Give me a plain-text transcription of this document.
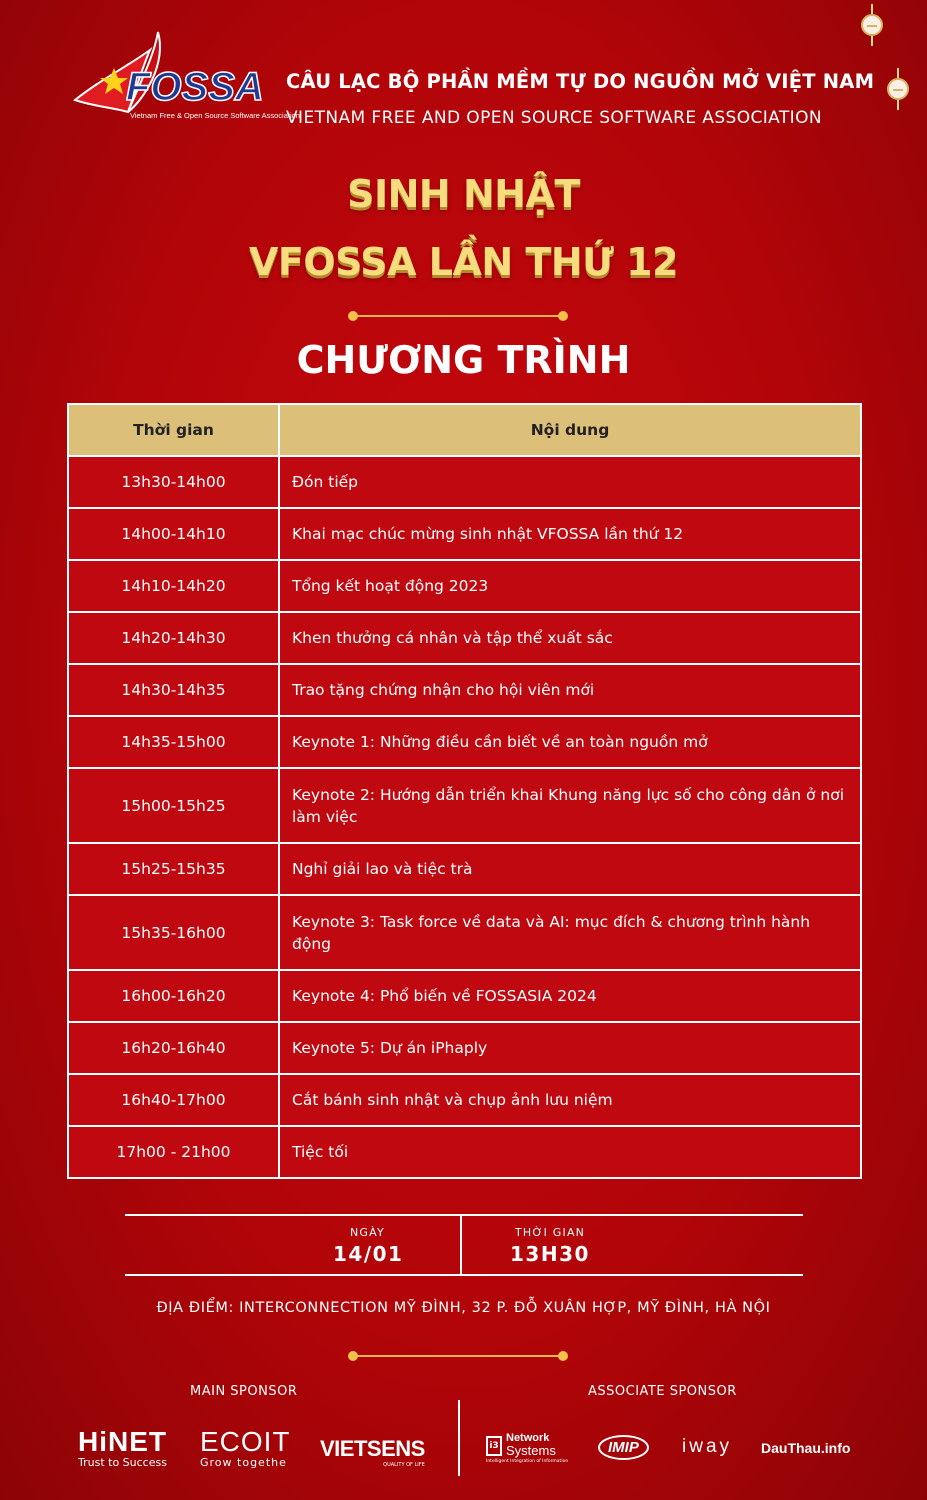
FOSSA
Vietnam Free & Open Source Software Association
CÂU LẠC BỘ PHẦN MỀM TỰ DO NGUỒN MỞ VIỆT NAM
VIETNAM FREE AND OPEN SOURCE SOFTWARE ASSOCIATION
SINH NHẬT
VFOSSA LẦN THỨ 12
CHƯƠNG TRÌNH
Thời gian	Nội dung
13h30-14h00	Đón tiếp
14h00-14h10	Khai mạc chúc mừng sinh nhật VFOSSA lần thứ 12
14h10-14h20	Tổng kết hoạt động 2023
14h20-14h30	Khen thưởng cá nhân và tập thể xuất sắc
14h30-14h35	Trao tặng chứng nhận cho hội viên mới
14h35-15h00	Keynote 1: Những điều cần biết về an toàn nguồn mở
15h00-15h25	Keynote 2: Hướng dẫn triển khai Khung năng lực số cho công dân ở nơi làm việc
15h25-15h35	Nghỉ giải lao và tiệc trà
15h35-16h00	Keynote 3: Task force về data và AI: mục đích & chương trình hành động
16h00-16h20	Keynote 4: Phổ biến về FOSSASIA 2024
16h20-16h40	Keynote 5: Dự án iPhaply
16h40-17h00	Cắt bánh sinh nhật và chụp ảnh lưu niệm
17h00 - 21h00	Tiệc tối
NGÀY
14/01
THỜI GIAN
13H30
ĐỊA ĐIỂM: INTERCONNECTION MỸ ĐÌNH, 32 P. ĐỖ XUÂN HỢP, MỸ ĐÌNH, HÀ NỘI
MAIN SPONSOR	ASSOCIATE SPONSOR
HiNET
Trust to Success
ECOIT
Grow togethe
VIETSENS
QUALITY OF LIFE
i3
Network
Systems
Intelligent Integration of Information
IMIP	iway DauThau.info
